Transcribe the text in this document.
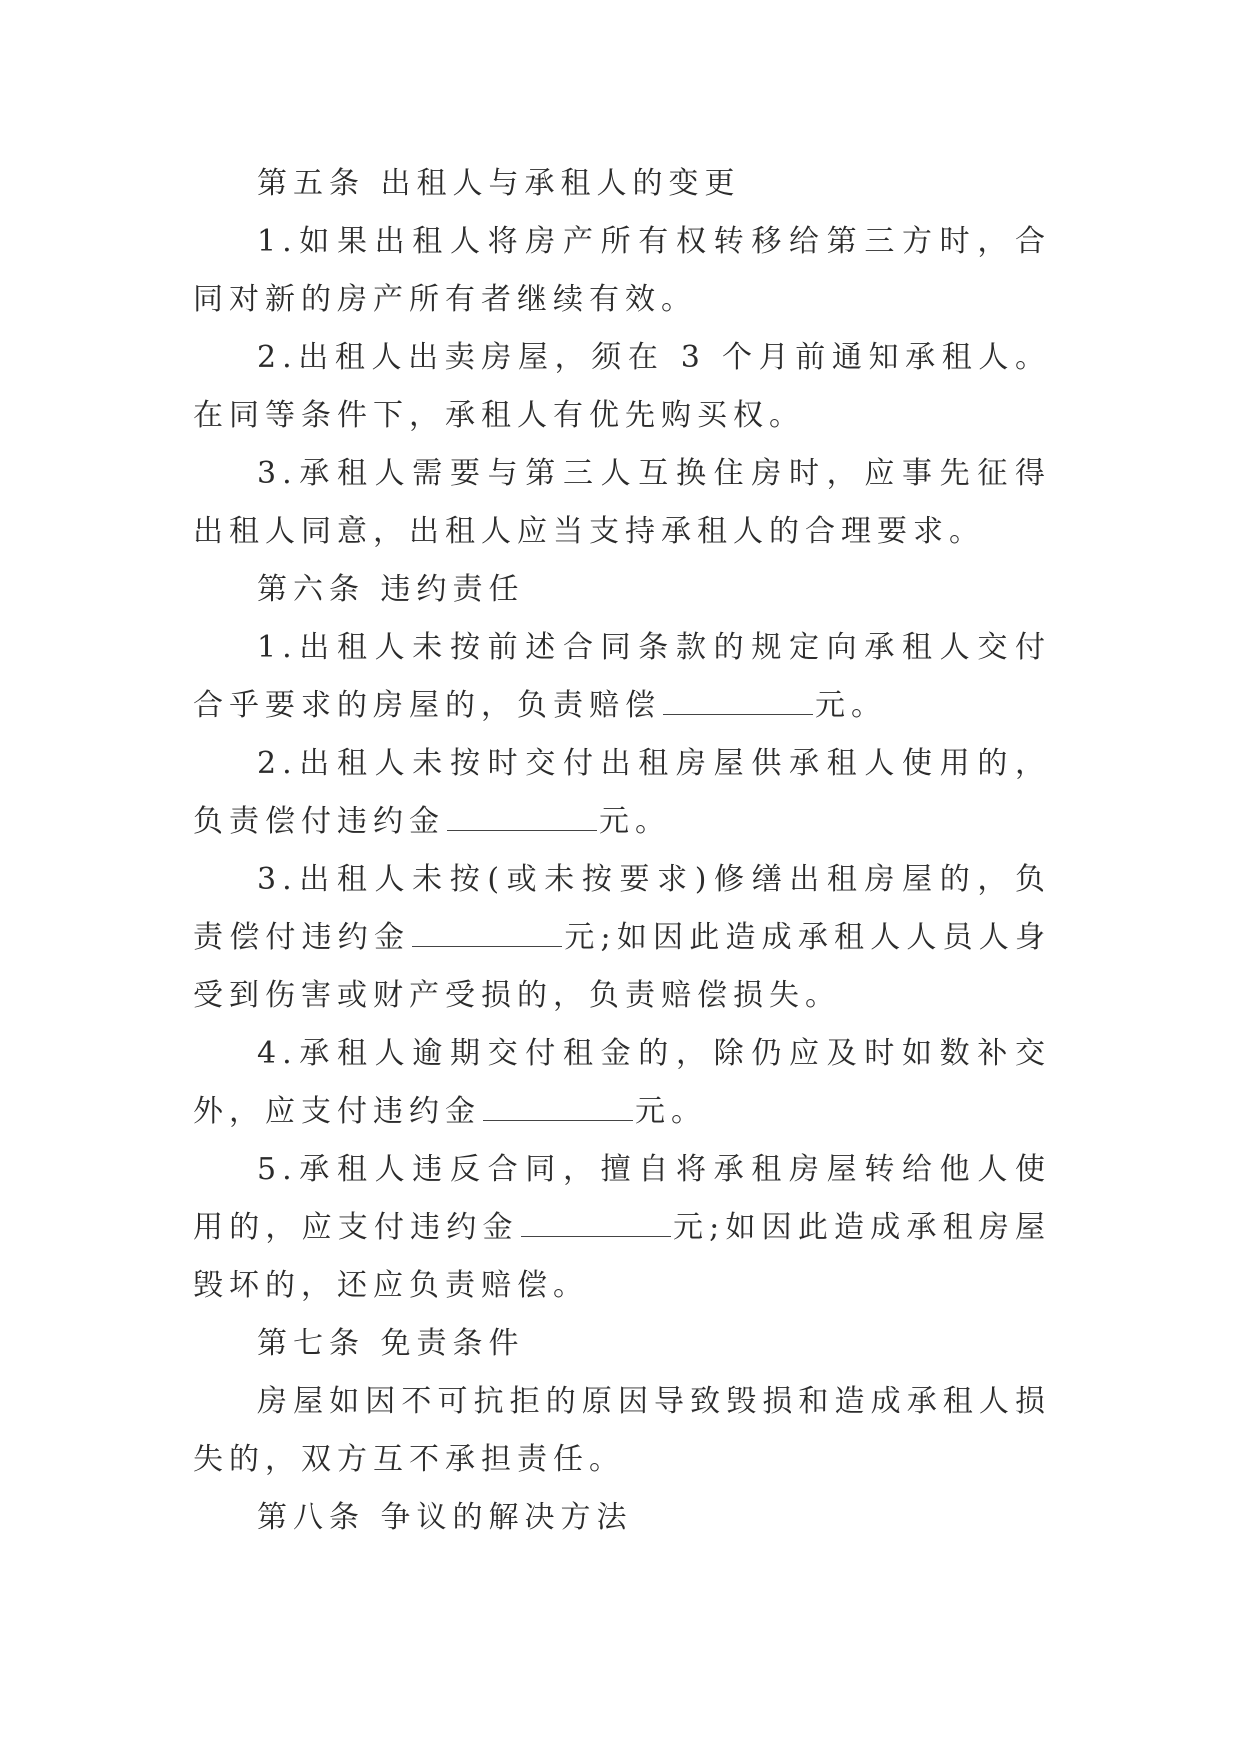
第五条 出租人与承租人的变更

1.如果出租人将房产所有权转移给第三方时，合同对新的房产所有者继续有效。

2.出租人出卖房屋，须在 3 个月前通知承租人。在同等条件下，承租人有优先购买权。

3.承租人需要与第三人互换住房时，应事先征得出租人同意，出租人应当支持承租人的合理要求。

第六条 违约责任

1.出租人未按前述合同条款的规定向承租人交付合乎要求的房屋的，负责赔偿	元。

2.出租人未按时交付出租房屋供承租人使用的，负责偿付违约金	元。

3.出租人未按(或未按要求)修缮出租房屋的，负责偿付违约金	元;如因此造成承租人人员人身受到伤害或财产受损的，负责赔偿损失。

4.承租人逾期交付租金的，除仍应及时如数补交外，应支付违约金	元。

5.承租人违反合同，擅自将承租房屋转给他人使用的，应支付违约金	元;如因此造成承租房屋毁坏的，还应负责赔偿。

第七条 免责条件

房屋如因不可抗拒的原因导致毁损和造成承租人损失的，双方互不承担责任。

第八条 争议的解决方法
